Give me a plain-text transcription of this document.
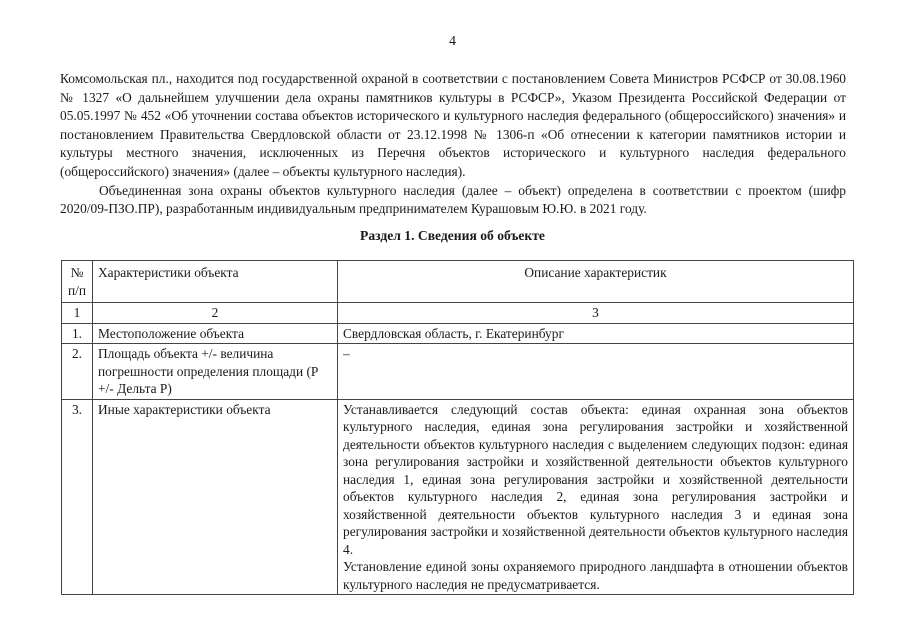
4

Комсомольская пл., находится под государственной охраной в соответствии с постановлением Совета Министров РСФСР от 30.08.1960 № 1327 «О дальнейшем улучшении дела охраны памятников культуры в РСФСР», Указом Президента Российской Федерации от 05.05.1997 № 452 «Об уточнении состава объектов исторического и культурного наследия федерального (общероссийского) значения» и постановлением Правительства Свердловской области от 23.12.1998 № 1306-п «Об отнесении к категории памятников истории и культуры местного значения, исключенных из Перечня объектов исторического и культурного наследия федерального (общероссийского) значения» (далее – объекты культурного наследия).

Объединенная зона охраны объектов культурного наследия (далее – объект) определена в соответствии с проектом (шифр 2020/09-ПЗО.ПР), разработанным индивидуальным предпринимателем Курашовым Ю.Ю. в 2021 году.

Раздел 1. Сведения об объекте
№ п/п	Характеристики объекта	Описание характеристик
1	2	3
1.	Местоположение объекта	Свердловская область, г. Екатеринбург
2.	Площадь объекта +/- величина погрешности определения площади (P +/- Дельта P)	–
3.	Иные характеристики объекта	Устанавливается следующий состав объекта: единая охранная зона объектов культурного наследия, единая зона регулирования застройки и хозяйственной деятельности объектов культурного наследия с выделением следующих подзон: единая зона регулирования застройки и хозяйственной деятельности объектов культурного наследия 1, единая зона регулирования застройки и хозяйственной деятельности объектов культурного наследия 2, единая зона регулирования застройки и хозяйственной деятельности объектов культурного наследия 3 и единая зона регулирования застройки и хозяйственной деятельности объектов культурного наследия 4.

Установление единой зоны охраняемого природного ландшафта в отношении объектов культурного наследия не предусматривается.
